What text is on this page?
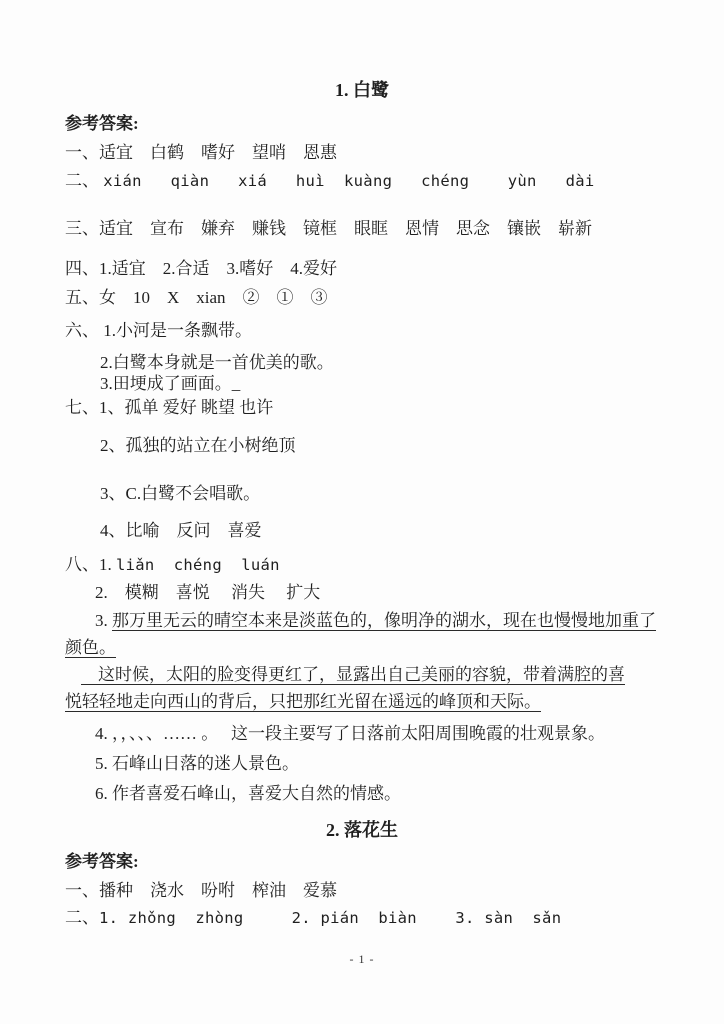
1. 白鹭

参考答案:

一、适宜　白鹤　嗜好　望哨　恩惠

二、 xián   qiàn   xiá   huì  kuàng   chéng    yùn   dài

三、适宜　宣布　嫌弃　赚钱　镜框　眼眶　恩情　思念　镶嵌　崭新

四、1.适宜　2.合适　3.嗜好　4.爱好

五、女　10　X　xian　②　①　③

六、 1.小河是一条飘带。

2.白鹭本身就是一首优美的歌。

3.田埂成了画面。_

七、1、孤单 爱好 眺望 也许

2、孤独的站立在小树绝顶

3、C.白鹭不会唱歌。

4、比喻　反问　喜爱

八、1. liǎn  chéng  luán

2.　模糊　喜悦　 消失　 扩大

3. 那万里无云的晴空本来是淡蓝色的，像明净的湖水，现在也慢慢地加重了颜色。

　这时候，太阳的脸变得更红了，显露出自己美丽的容貌，带着满腔的喜悦轻轻地走向西山的背后，只把那红光留在遥远的峰顶和天际。

4. ，，、、、…… 。　 这一段主要写了日落前太阳周围晚霞的壮观景象。

5. 石峰山日落的迷人景色。

6. 作者喜爱石峰山，喜爱大自然的情感。

2. 落花生

参考答案:

一、播种　浇水　吩咐　榨油　爱慕

二、1. zhǒng  zhòng     2. pián  biàn    3. sàn  sǎn

- 1 -
